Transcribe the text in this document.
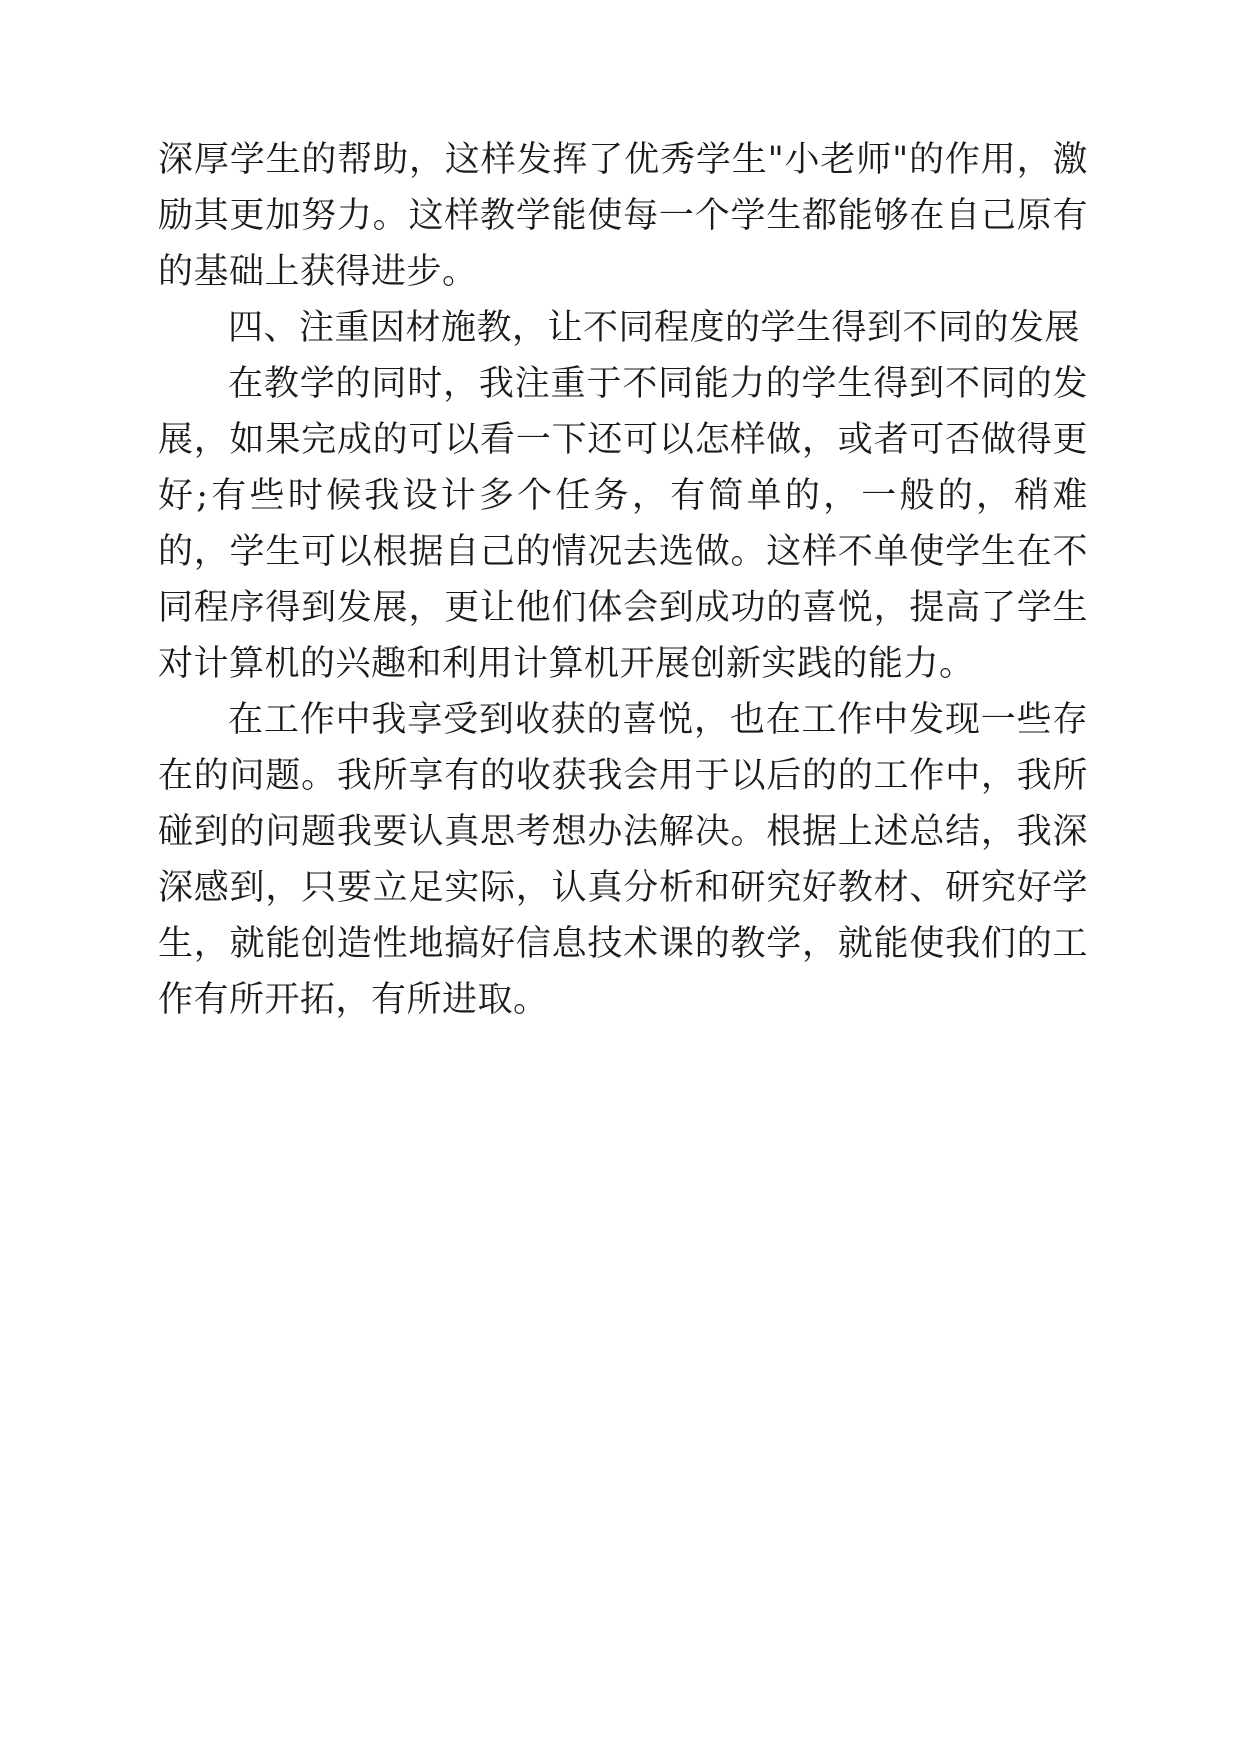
深厚学生的帮助，这样发挥了优秀学生"小老师"的作用，激励其更加努力。这样教学能使每一个学生都能够在自己原有的基础上获得进步。

四、注重因材施教，让不同程度的学生得到不同的发展

在教学的同时，我注重于不同能力的学生得到不同的发展，如果完成的可以看一下还可以怎样做，或者可否做得更好;有些时候我设计多个任务，有简单的，一般的，稍难的，学生可以根据自己的情况去选做。这样不单使学生在不同程序得到发展，更让他们体会到成功的喜悦，提高了学生对计算机的兴趣和利用计算机开展创新实践的能力。

在工作中我享受到收获的喜悦，也在工作中发现一些存在的问题。我所享有的收获我会用于以后的的工作中，我所碰到的问题我要认真思考想办法解决。根据上述总结，我深深感到，只要立足实际，认真分析和研究好教材、研究好学生，就能创造性地搞好信息技术课的教学，就能使我们的工作有所开拓，有所进取。
